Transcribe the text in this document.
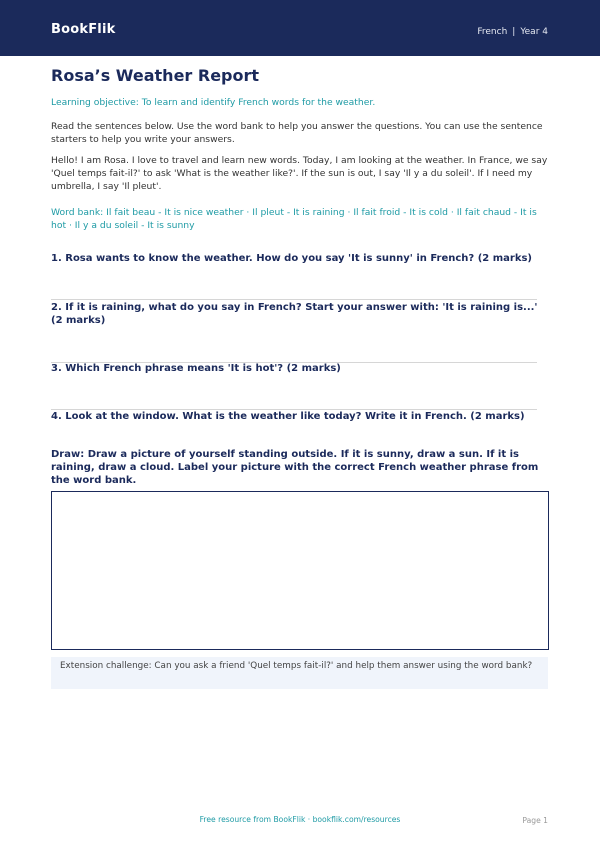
BookFlik	French | Year 4
Rosa’s Weather Report
Learning objective: To learn and identify French words for the weather.
Read the sentences below. Use the word bank to help you answer the questions. You can use the sentence starters to help you write your answers.
Hello! I am Rosa. I love to travel and learn new words. Today, I am looking at the weather. In France, we say 'Quel temps fait-il?' to ask 'What is the weather like?'. If the sun is out, I say 'Il y a du soleil'. If I need my umbrella, I say 'Il pleut'.
Word bank: Il fait beau - It is nice weather · Il pleut - It is raining · Il fait froid - It is cold · Il fait chaud - It is hot · Il y a du soleil - It is sunny
1. Rosa wants to know the weather. How do you say 'It is sunny' in French? (2 marks)
2. If it is raining, what do you say in French? Start your answer with: 'It is raining is...' (2 marks)
3. Which French phrase means 'It is hot'? (2 marks)
4. Look at the window. What is the weather like today? Write it in French. (2 marks)
Draw: Draw a picture of yourself standing outside. If it is sunny, draw a sun. If it is raining, draw a cloud. Label your picture with the correct French weather phrase from the word bank.
Extension challenge: Can you ask a friend 'Quel temps fait-il?' and help them answer using the word bank?
Free resource from BookFlik · bookflik.com/resources	Page 1
